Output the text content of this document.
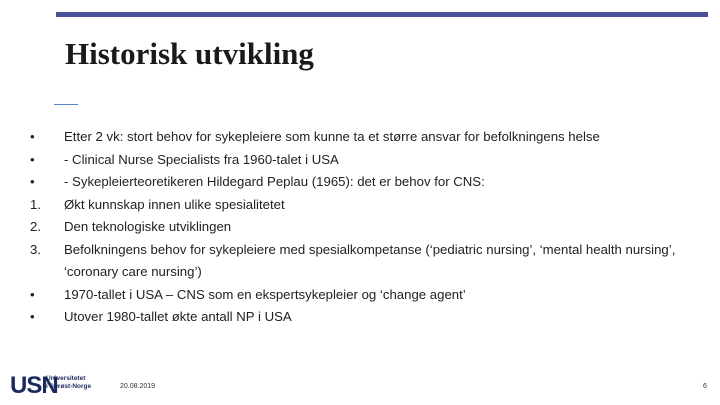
Historisk utvikling
•	Etter 2 vk: stort behov for sykepleiere som kunne ta et større ansvar for befolkningens helse
•	- Clinical Nurse Specialists fra 1960-talet i USA
•	- Sykepleierteoretikeren Hildegard Peplau (1965): det er behov for CNS:
1.	Økt kunnskap innen ulike spesialitetet
2.	Den teknologiske utviklingen
3.	Befolkningens behov for sykepleiere med spesialkompetanse (‘pediatric nursing’, ‘mental health nursing’, ‘coronary care nursing’)
•	1970-tallet i USA – CNS som en ekspertsykepleier og ‘change agent’
•	Utover 1980-tallet økte antall NP i USA
USN
Universitetet
i Sørøst-Norge	20.08.2019	6
